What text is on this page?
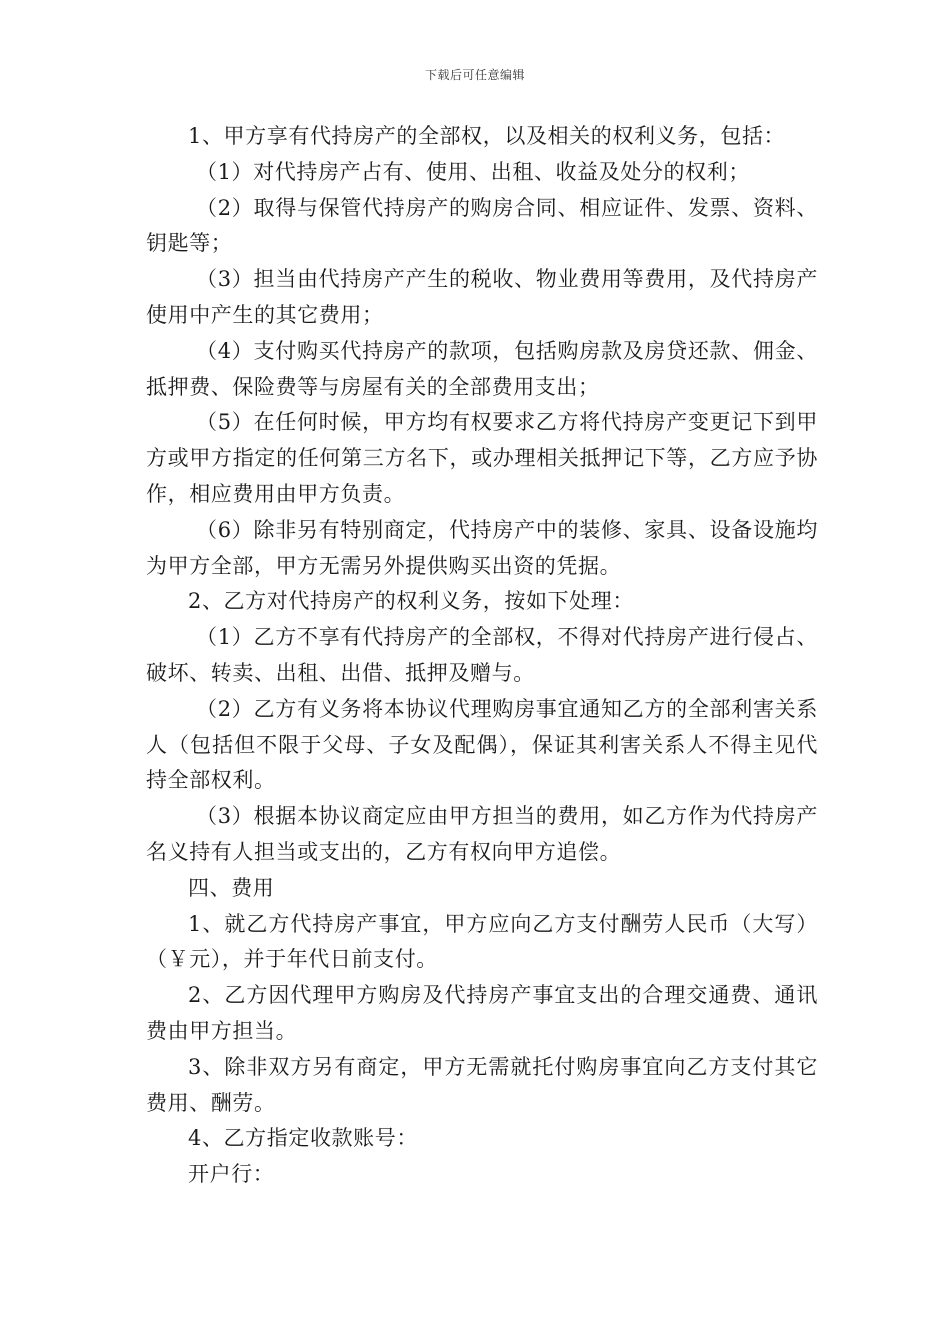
下载后可任意编辑

1、甲方享有代持房产的全部权，以及相关的权利义务，包括：

（1）对代持房产占有、使用、出租、收益及处分的权利；

（2）取得与保管代持房产的购房合同、相应证件、发票、资料、钥匙等；

（3）担当由代持房产产生的税收、物业费用等费用，及代持房产使用中产生的其它费用；

（4）支付购买代持房产的款项，包括购房款及房贷还款、佣金、抵押费、保险费等与房屋有关的全部费用支出；

（5）在任何时候，甲方均有权要求乙方将代持房产变更记下到甲方或甲方指定的任何第三方名下，或办理相关抵押记下等，乙方应予协作，相应费用由甲方负责。

（6）除非另有特别商定，代持房产中的装修、家具、设备设施均为甲方全部，甲方无需另外提供购买出资的凭据。

2、乙方对代持房产的权利义务，按如下处理：

（1）乙方不享有代持房产的全部权，不得对代持房产进行侵占、破坏、转卖、出租、出借、抵押及赠与。

（2）乙方有义务将本协议代理购房事宜通知乙方的全部利害关系人（包括但不限于父母、子女及配偶），保证其利害关系人不得主见代持全部权利。

（3）根据本协议商定应由甲方担当的费用，如乙方作为代持房产名义持有人担当或支出的，乙方有权向甲方追偿。

四、费用

1、就乙方代持房产事宜，甲方应向乙方支付酬劳人民币（大写）（￥元），并于年代日前支付。

2、乙方因代理甲方购房及代持房产事宜支出的合理交通费、通讯费由甲方担当。

3、除非双方另有商定，甲方无需就托付购房事宜向乙方支付其它费用、酬劳。

4、乙方指定收款账号：

开户行：
